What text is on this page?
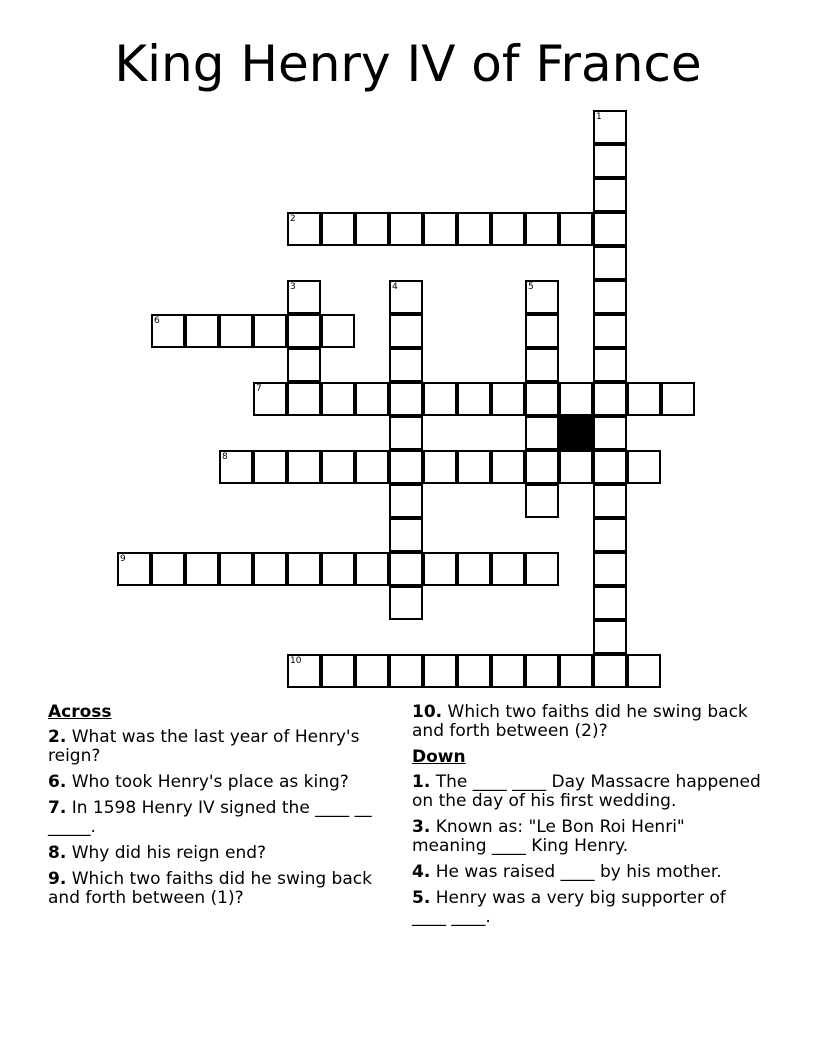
King Henry IV of France
1
2
3	4	5
6
7
8
9
10
Across
2. What was the last year of Henry's reign?
6. Who took Henry's place as king?
7. In 1598 Henry IV signed the ____ __ _____.
8. Why did his reign end?
9. Which two faiths did he swing back and forth between (1)?
10. Which two faiths did he swing back and forth between (2)?
Down
1. The ____ ____ Day Massacre happened on the day of his first wedding.
3. Known as: "Le Bon Roi Henri" meaning ____ King Henry.
4. He was raised ____ by his mother.
5. Henry was a very big supporter of ____ ____.
